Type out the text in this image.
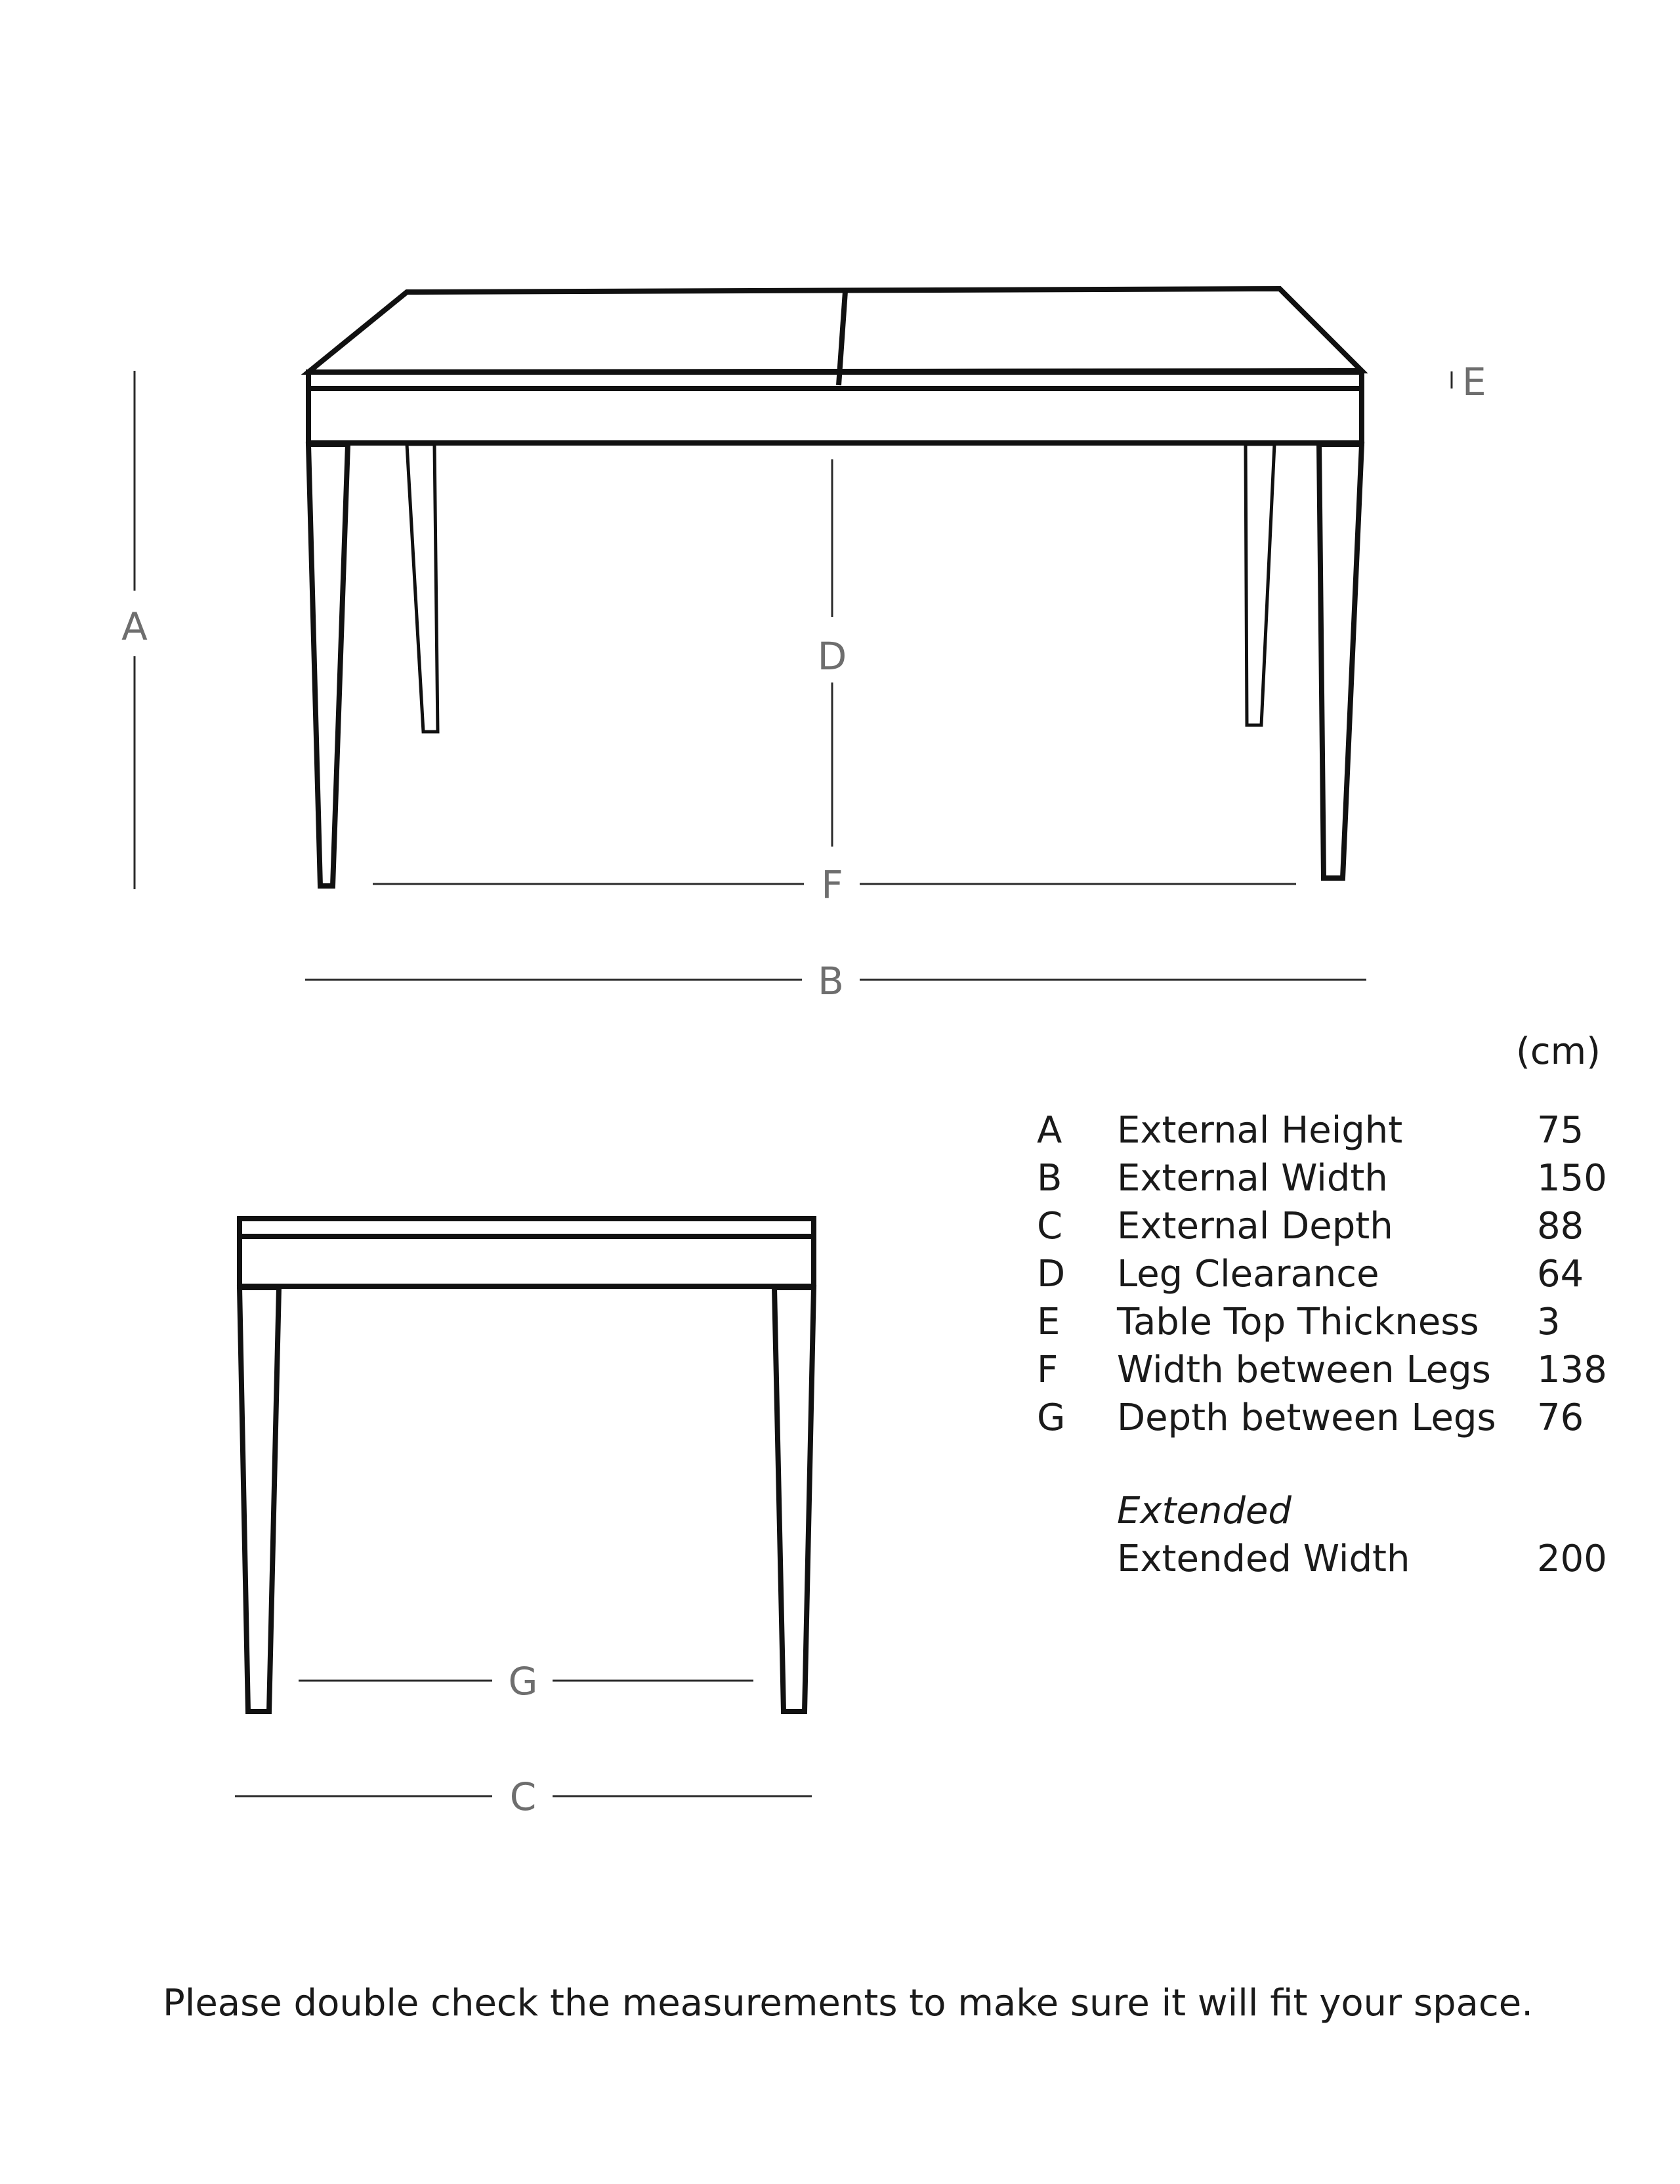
A
D
E
F
B
G
C
(cm)
A External Height	75
B External Width	150
C External Depth	88
D Leg Clearance	64
E Table Top Thickness 3
F Width between Legs 138
G Depth between Legs 76
Extended
Extended Width	200
Please double check the measurements to make sure it will fit your space.
